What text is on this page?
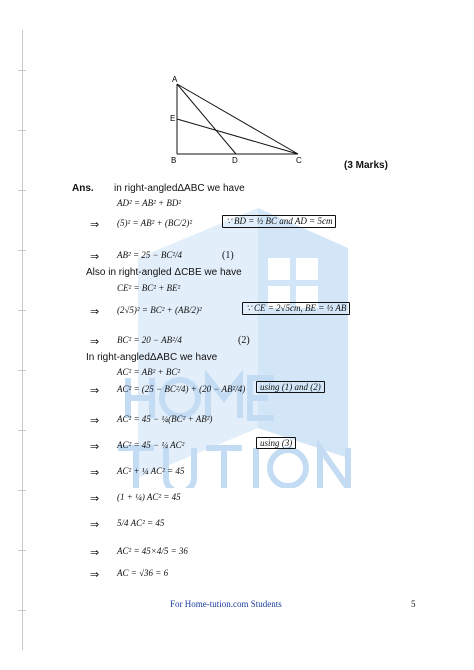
A
E
B	D	C	(3 Marks)
Ans. in right-angledΔABC we have
AD² = AB² + BD²
⇒ (5)² = AB² + (BC/2)²	∵ BD = ½ BC and AD = 5cm
⇒ AB² = 25 − BC²/4	(1)
Also in right-angled ΔCBE we have
CE² = BC² + BE²
⇒ (2√5)² = BC² + (AB/2)²	∵ CE = 2√5cm, BE = ½ AB
⇒ BC² = 20 − AB²/4	(2)
In right-angledΔABC we have
AC² = AB² + BC²
⇒ AC² = (25 − BC²/4) + (20 − AB²/4)	using (1) and (2)
⇒ AC² = 45 − ¼(BC² + AB²)
⇒ AC² = 45 − ¼ AC²	using (3)
⇒ AC² + ¼ AC² = 45
⇒ (1 + ¼) AC² = 45
⇒ 5/4 AC² = 45
⇒ AC² = 45×4/5 = 36
⇒ AC = √36 = 6
For Home-tution.com Students	5
